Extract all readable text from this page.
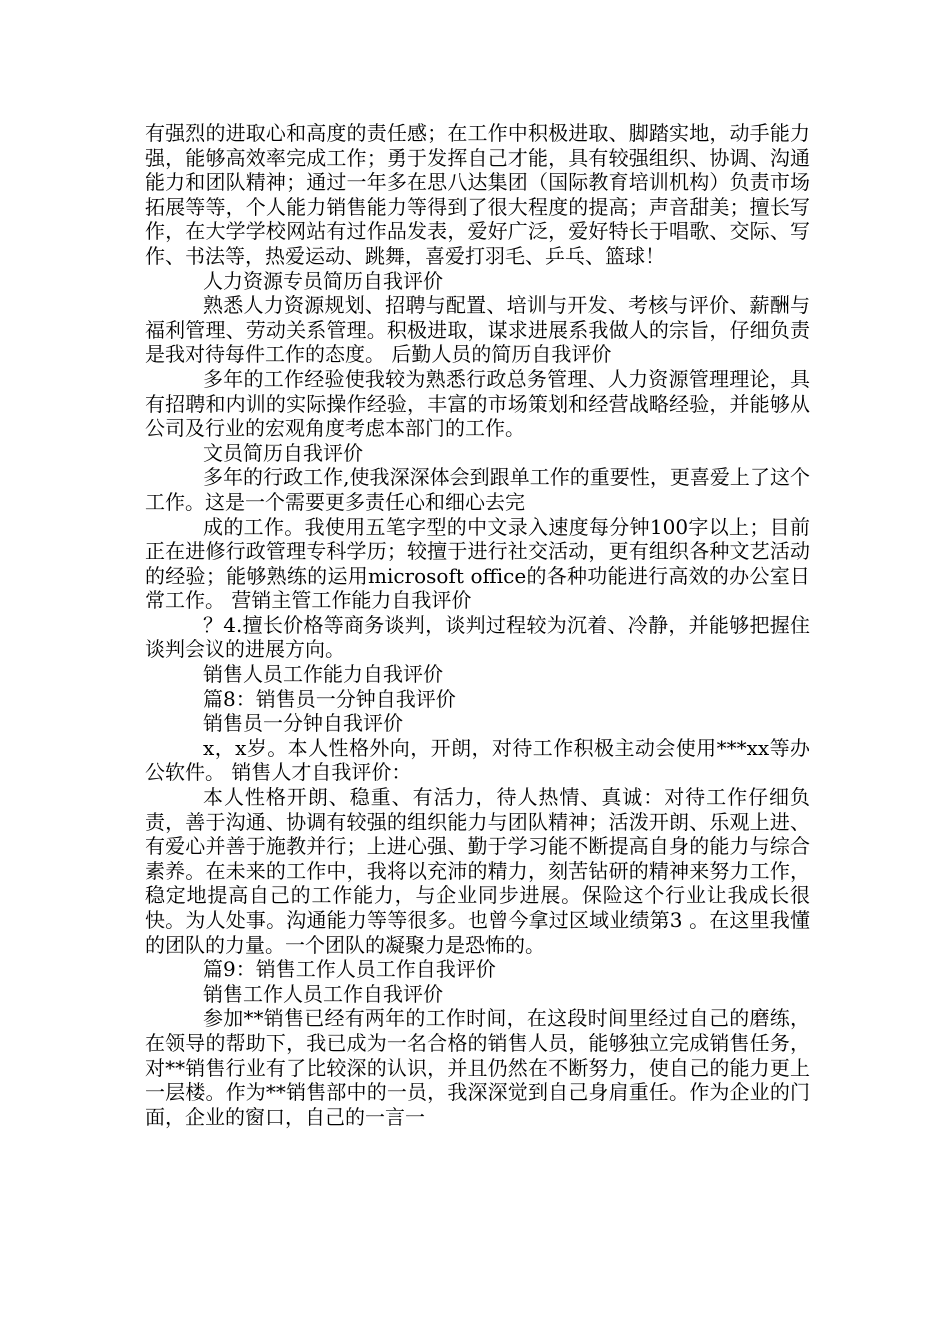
有强烈的进取心和高度的责任感；在工作中积极进取、脚踏实地，动手能力强，能够高效率完成工作；勇于发挥自己才能，具有较强组织、协调、沟通能力和团队精神；通过一年多在思八达集团（国际教育培训机构）负责市场拓展等等，个人能力销售能力等得到了很大程度的提高；声音甜美；擅长写作，在大学学校网站有过作品发表，爱好广泛，爱好特长于唱歌、交际、写作、书法等，热爱运动、跳舞，喜爱打羽毛、乒乓、篮球！

人力资源专员简历自我评价

熟悉人力资源规划、招聘与配置、培训与开发、考核与评价、薪酬与福利管理、劳动关系管理。积极进取，谋求进展系我做人的宗旨，仔细负责是我对待每件工作的态度。 后勤人员的简历自我评价

多年的工作经验使我较为熟悉行政总务管理、人力资源管理理论，具有招聘和内训的实际操作经验，丰富的市场策划和经营战略经验，并能够从公司及行业的宏观角度考虑本部门的工作。

文员简历自我评价

多年的行政工作,使我深深体会到跟单工作的重要性，更喜爱上了这个工作。这是一个需要更多责任心和细心去完

成的工作。我使用五笔字型的中文录入速度每分钟100字以上；目前正在进修行政管理专科学历；较擅于进行社交活动，更有组织各种文艺活动的经验；能够熟练的运用microsoft office的各种功能进行高效的办公室日常工作。 营销主管工作能力自我评价

？4.擅长价格等商务谈判，谈判过程较为沉着、冷静，并能够把握住谈判会议的进展方向。

销售人员工作能力自我评价

篇8：销售员一分钟自我评价

销售员一分钟自我评价

x，x岁。本人性格外向，开朗，对待工作积极主动会使用***xx等办公软件。 销售人才自我评价：

本人性格开朗、稳重、有活力，待人热情、真诚：对待工作仔细负责，善于沟通、协调有较强的组织能力与团队精神；活泼开朗、乐观上进、有爱心并善于施教并行；上进心强、勤于学习能不断提高自身的能力与综合素养。在未来的工作中，我将以充沛的精力，刻苦钻研的精神来努力工作，稳定地提高自己的工作能力，与企业同步进展。保险这个行业让我成长很快。为人处事。沟通能力等等很多。也曾今拿过区域业绩第3 。在这里我懂的团队的力量。一个团队的凝聚力是恐怖的。

篇9：销售工作人员工作自我评价

销售工作人员工作自我评价

参加**销售已经有两年的工作时间，在这段时间里经过自己的磨练，在领导的帮助下，我已成为一名合格的销售人员，能够独立完成销售任务，对**销售行业有了比较深的认识，并且仍然在不断努力，使自己的能力更上一层楼。作为**销售部中的一员，我深深觉到自己身肩重任。作为企业的门面，企业的窗口，自己的一言一
